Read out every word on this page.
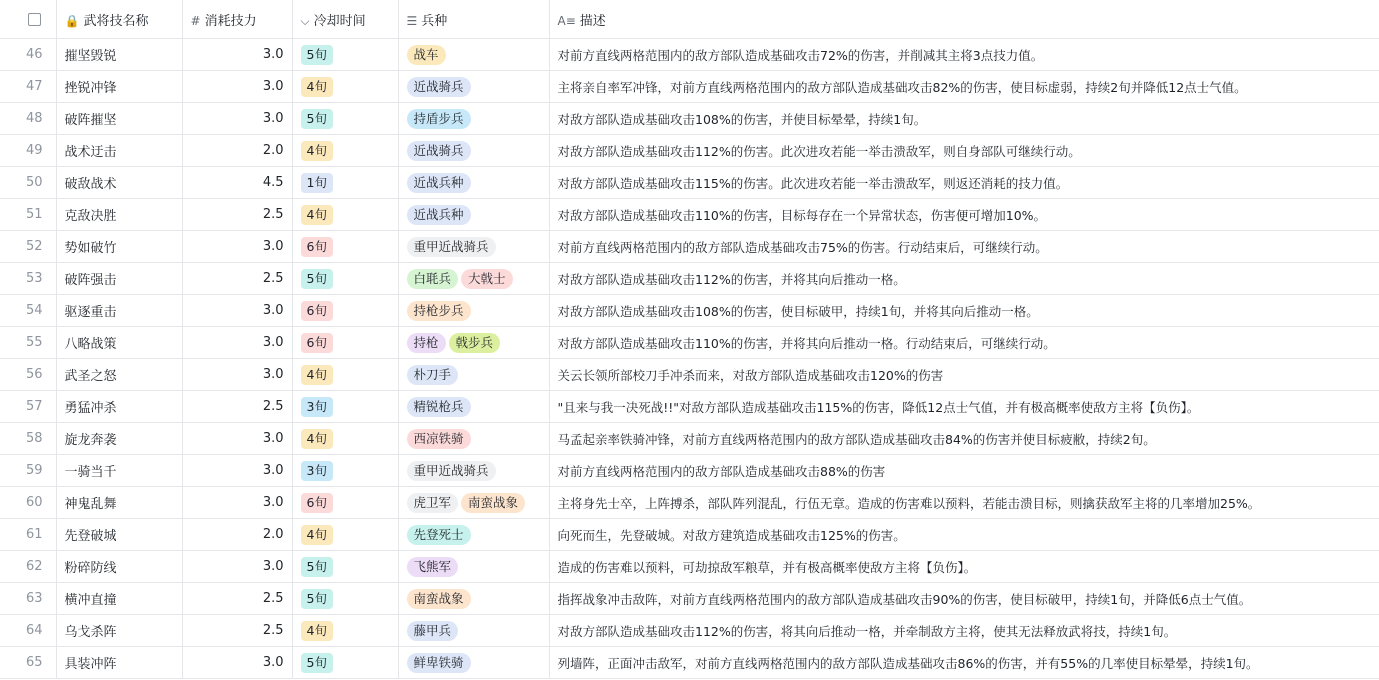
	🔒 武将技名称	# 消耗技力	⌵ 冷却时间	☰ 兵种	A≡ 描述
46	摧坚毁锐	3.0	5旬	战车	对前方直线两格范围内的敌方部队造成基础攻击72%的伤害，并削减其主将3点技力值。
47	挫锐冲锋	3.0	4旬	近战骑兵	主将亲自率军冲锋，对前方直线两格范围内的敌方部队造成基础攻击82%的伤害，使目标虚弱，持续2旬并降低12点士气值。
48	破阵摧坚	3.0	5旬	持盾步兵	对敌方部队造成基础攻击108%的伤害，并使目标晕晕，持续1旬。
49	战术迂击	2.0	4旬	近战骑兵	对敌方部队造成基础攻击112%的伤害。此次进攻若能一举击溃敌军，则自身部队可继续行动。
50	破敌战术	4.5	1旬	近战兵种	对敌方部队造成基础攻击115%的伤害。此次进攻若能一举击溃敌军，则返还消耗的技力值。
51	克敌决胜	2.5	4旬	近战兵种	对敌方部队造成基础攻击110%的伤害，目标每存在一个异常状态，伤害便可增加10%。
52	势如破竹	3.0	6旬	重甲近战骑兵	对前方直线两格范围内的敌方部队造成基础攻击75%的伤害。行动结束后，可继续行动。
53	破阵强击	2.5	5旬	白毦兵 大戟士	对敌方部队造成基础攻击112%的伤害，并将其向后推动一格。
54	驱逐重击	3.0	6旬	持枪步兵	对敌方部队造成基础攻击108%的伤害，使目标破甲，持续1旬，并将其向后推动一格。
55	八略战策	3.0	6旬	持枪 戟步兵	对敌方部队造成基础攻击110%的伤害，并将其向后推动一格。行动结束后，可继续行动。
56	武圣之怒	3.0	4旬	朴刀手	关云长领所部校刀手冲杀而来，对敌方部队造成基础攻击120%的伤害
57	勇猛冲杀	2.5	3旬	精锐枪兵	"且来与我一决死战!!"对敌方部队造成基础攻击115%的伤害，降低12点士气值，并有极高概率使敌方主将【负伤】。
58	旋龙奔袭	3.0	4旬	西凉铁骑	马孟起亲率铁骑冲锋，对前方直线两格范围内的敌方部队造成基础攻击84%的伤害并使目标疲敝，持续2旬。
59	一骑当千	3.0	3旬	重甲近战骑兵	对前方直线两格范围内的敌方部队造成基础攻击88%的伤害
60	神鬼乱舞	3.0	6旬	虎卫军 南蛮战象	主将身先士卒，上阵搏杀，部队阵列混乱，行伍无章。造成的伤害难以预料，若能击溃目标，则擒获敌军主将的几率增加25%。
61	先登破城	2.0	4旬	先登死士	向死而生，先登破城。对敌方建筑造成基础攻击125%的伤害。
62	粉碎防线	3.0	5旬	飞熊军	造成的伤害难以预料，可劫掠敌军粮草，并有极高概率使敌方主将【负伤】。
63	横冲直撞	2.5	5旬	南蛮战象	指挥战象冲击敌阵，对前方直线两格范围内的敌方部队造成基础攻击90%的伤害，使目标破甲，持续1旬，并降低6点士气值。
64	乌戈杀阵	2.5	4旬	藤甲兵	对敌方部队造成基础攻击112%的伤害，将其向后推动一格，并牵制敌方主将，使其无法释放武将技，持续1旬。
65	具装冲阵	3.0	5旬	鲜卑铁骑	列墙阵，正面冲击敌军，对前方直线两格范围内的敌方部队造成基础攻击86%的伤害，并有55%的几率使目标晕晕，持续1旬。
